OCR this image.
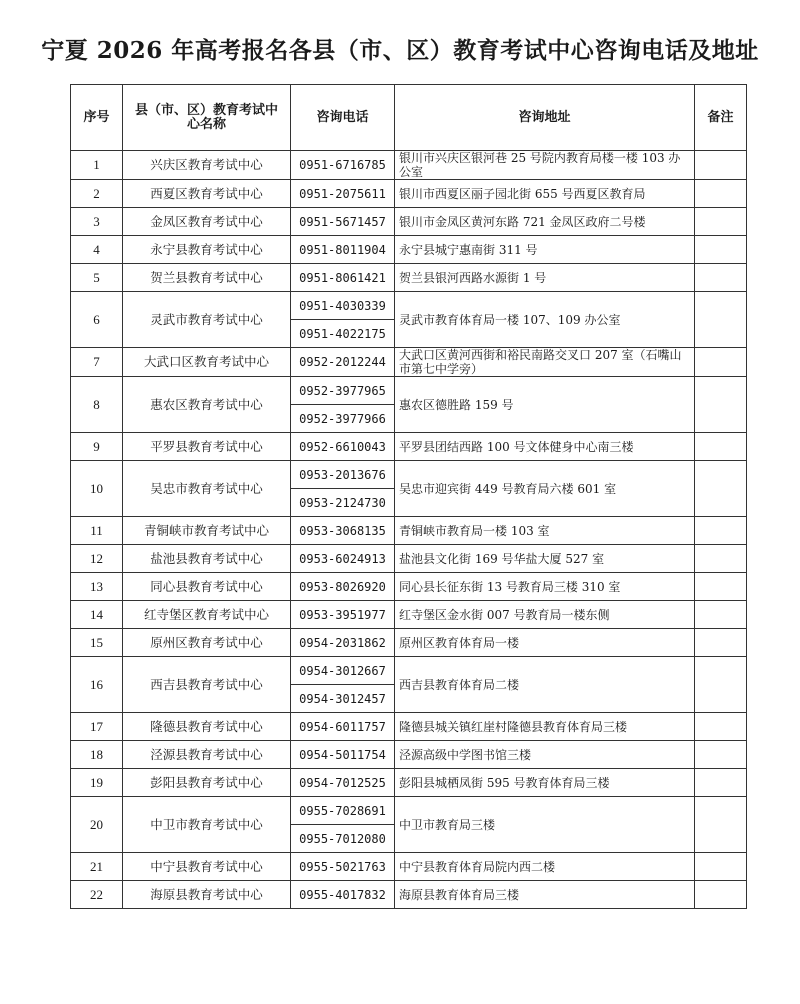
宁夏 2026 年高考报名各县（市、区）教育考试中心咨询电话及地址
序号	县（市、区）教育考试中心名称	咨询电话	咨询地址	备注
1	兴庆区教育考试中心	0951-6716785	银川市兴庆区银河巷 25 号院内教育局楼一楼 103 办公室	
2	西夏区教育考试中心	0951-2075611	银川市西夏区丽子园北街 655 号西夏区教育局	
3	金凤区教育考试中心	0951-5671457	银川市金凤区黄河东路 721 金凤区政府二号楼	
4	永宁县教育考试中心	0951-8011904	永宁县城宁惠南街 311 号	
5	贺兰县教育考试中心	0951-8061421	贺兰县银河西路水源街 1 号	
6	灵武市教育考试中心	0951-4030339	灵武市教育体育局一楼 107、109 办公室	
		0951-4022175		
7	大武口区教育考试中心	0952-2012244	大武口区黄河西街和裕民南路交叉口 207 室（石嘴山市第七中学旁）	
8	惠农区教育考试中心	0952-3977965	惠农区德胜路 159 号	
		0952-3977966		
9	平罗县教育考试中心	0952-6610043	平罗县团结西路 100 号文体健身中心南三楼	
10	吴忠市教育考试中心	0953-2013676	吴忠市迎宾街 449 号教育局六楼 601 室	
		0953-2124730		
11	青铜峡市教育考试中心	0953-3068135	青铜峡市教育局一楼 103 室	
12	盐池县教育考试中心	0953-6024913	盐池县文化街 169 号华盐大厦 527 室	
13	同心县教育考试中心	0953-8026920	同心县长征东街 13 号教育局三楼 310 室	
14	红寺堡区教育考试中心	0953-3951977	红寺堡区金水街 007 号教育局一楼东侧	
15	原州区教育考试中心	0954-2031862	原州区教育体育局一楼	
16	西吉县教育考试中心	0954-3012667	西吉县教育体育局二楼	
		0954-3012457		
17	隆德县教育考试中心	0954-6011757	隆德县城关镇红崖村隆德县教育体育局三楼	
18	泾源县教育考试中心	0954-5011754	泾源高级中学图书馆三楼	
19	彭阳县教育考试中心	0954-7012525	彭阳县城栖凤街 595 号教育体育局三楼	
20	中卫市教育考试中心	0955-7028691	中卫市教育局三楼	
		0955-7012080		
21	中宁县教育考试中心	0955-5021763	中宁县教育体育局院内西二楼	
22	海原县教育考试中心	0955-4017832	海原县教育体育局三楼	
